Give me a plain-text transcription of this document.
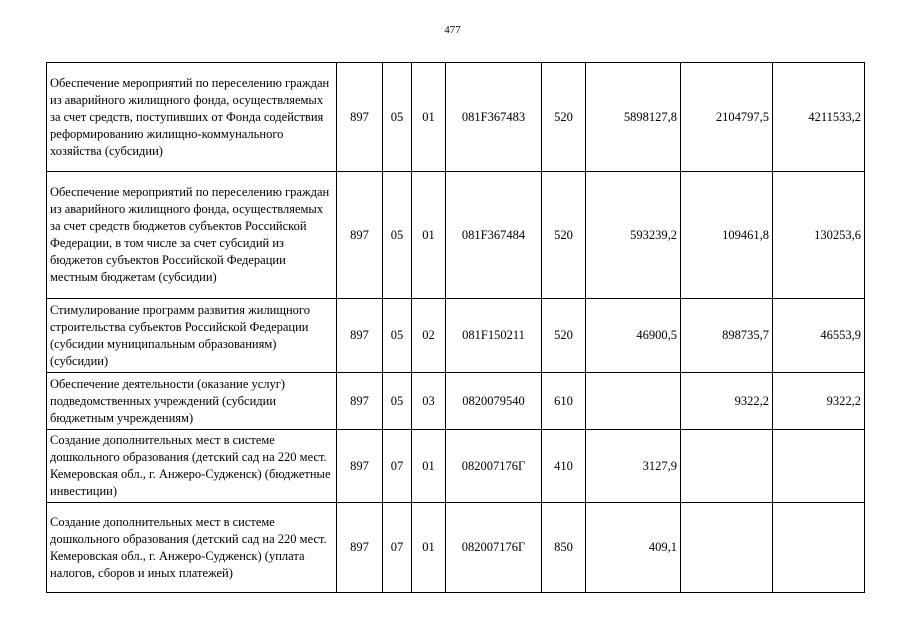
477
Обеспечение мероприятий по переселению граждан из аварийного жилищного фонда, осуществляемых за счет средств, поступивших от Фонда содействия реформированию жилищно-коммунального хозяйства (субсидии)	897	05	01	081F367483	520	5898127,8	2104797,5	4211533,2
Обеспечение мероприятий по переселению граждан из аварийного жилищного фонда, осуществляемых за счет средств бюджетов субъектов Российской Федерации, в том числе за счет субсидий из бюджетов субъектов Российской Федерации местным бюджетам (субсидии)	897	05	01	081F367484	520	593239,2	109461,8	130253,6
Стимулирование программ развития жилищного строительства субъектов Российской Федерации (субсидии муниципальным образованиям) (субсидии)	897	05	02	081F150211	520	46900,5	898735,7	46553,9
Обеспечение деятельности (оказание услуг) подведомственных учреждений (субсидии бюджетным учреждениям)	897	05	03	0820079540	610		9322,2	9322,2
Создание дополнительных мест в системе дошкольного образования (детский сад на 220 мест. Кемеровская обл., г. Анжеро-Судженск) (бюджетные инвестиции)	897	07	01	082007176Г	410	3127,9		
Создание дополнительных мест в системе дошкольного образования (детский сад на 220 мест. Кемеровская обл., г. Анжеро-Судженск) (уплата налогов, сборов и иных платежей)	897	07	01	082007176Г	850	409,1		
